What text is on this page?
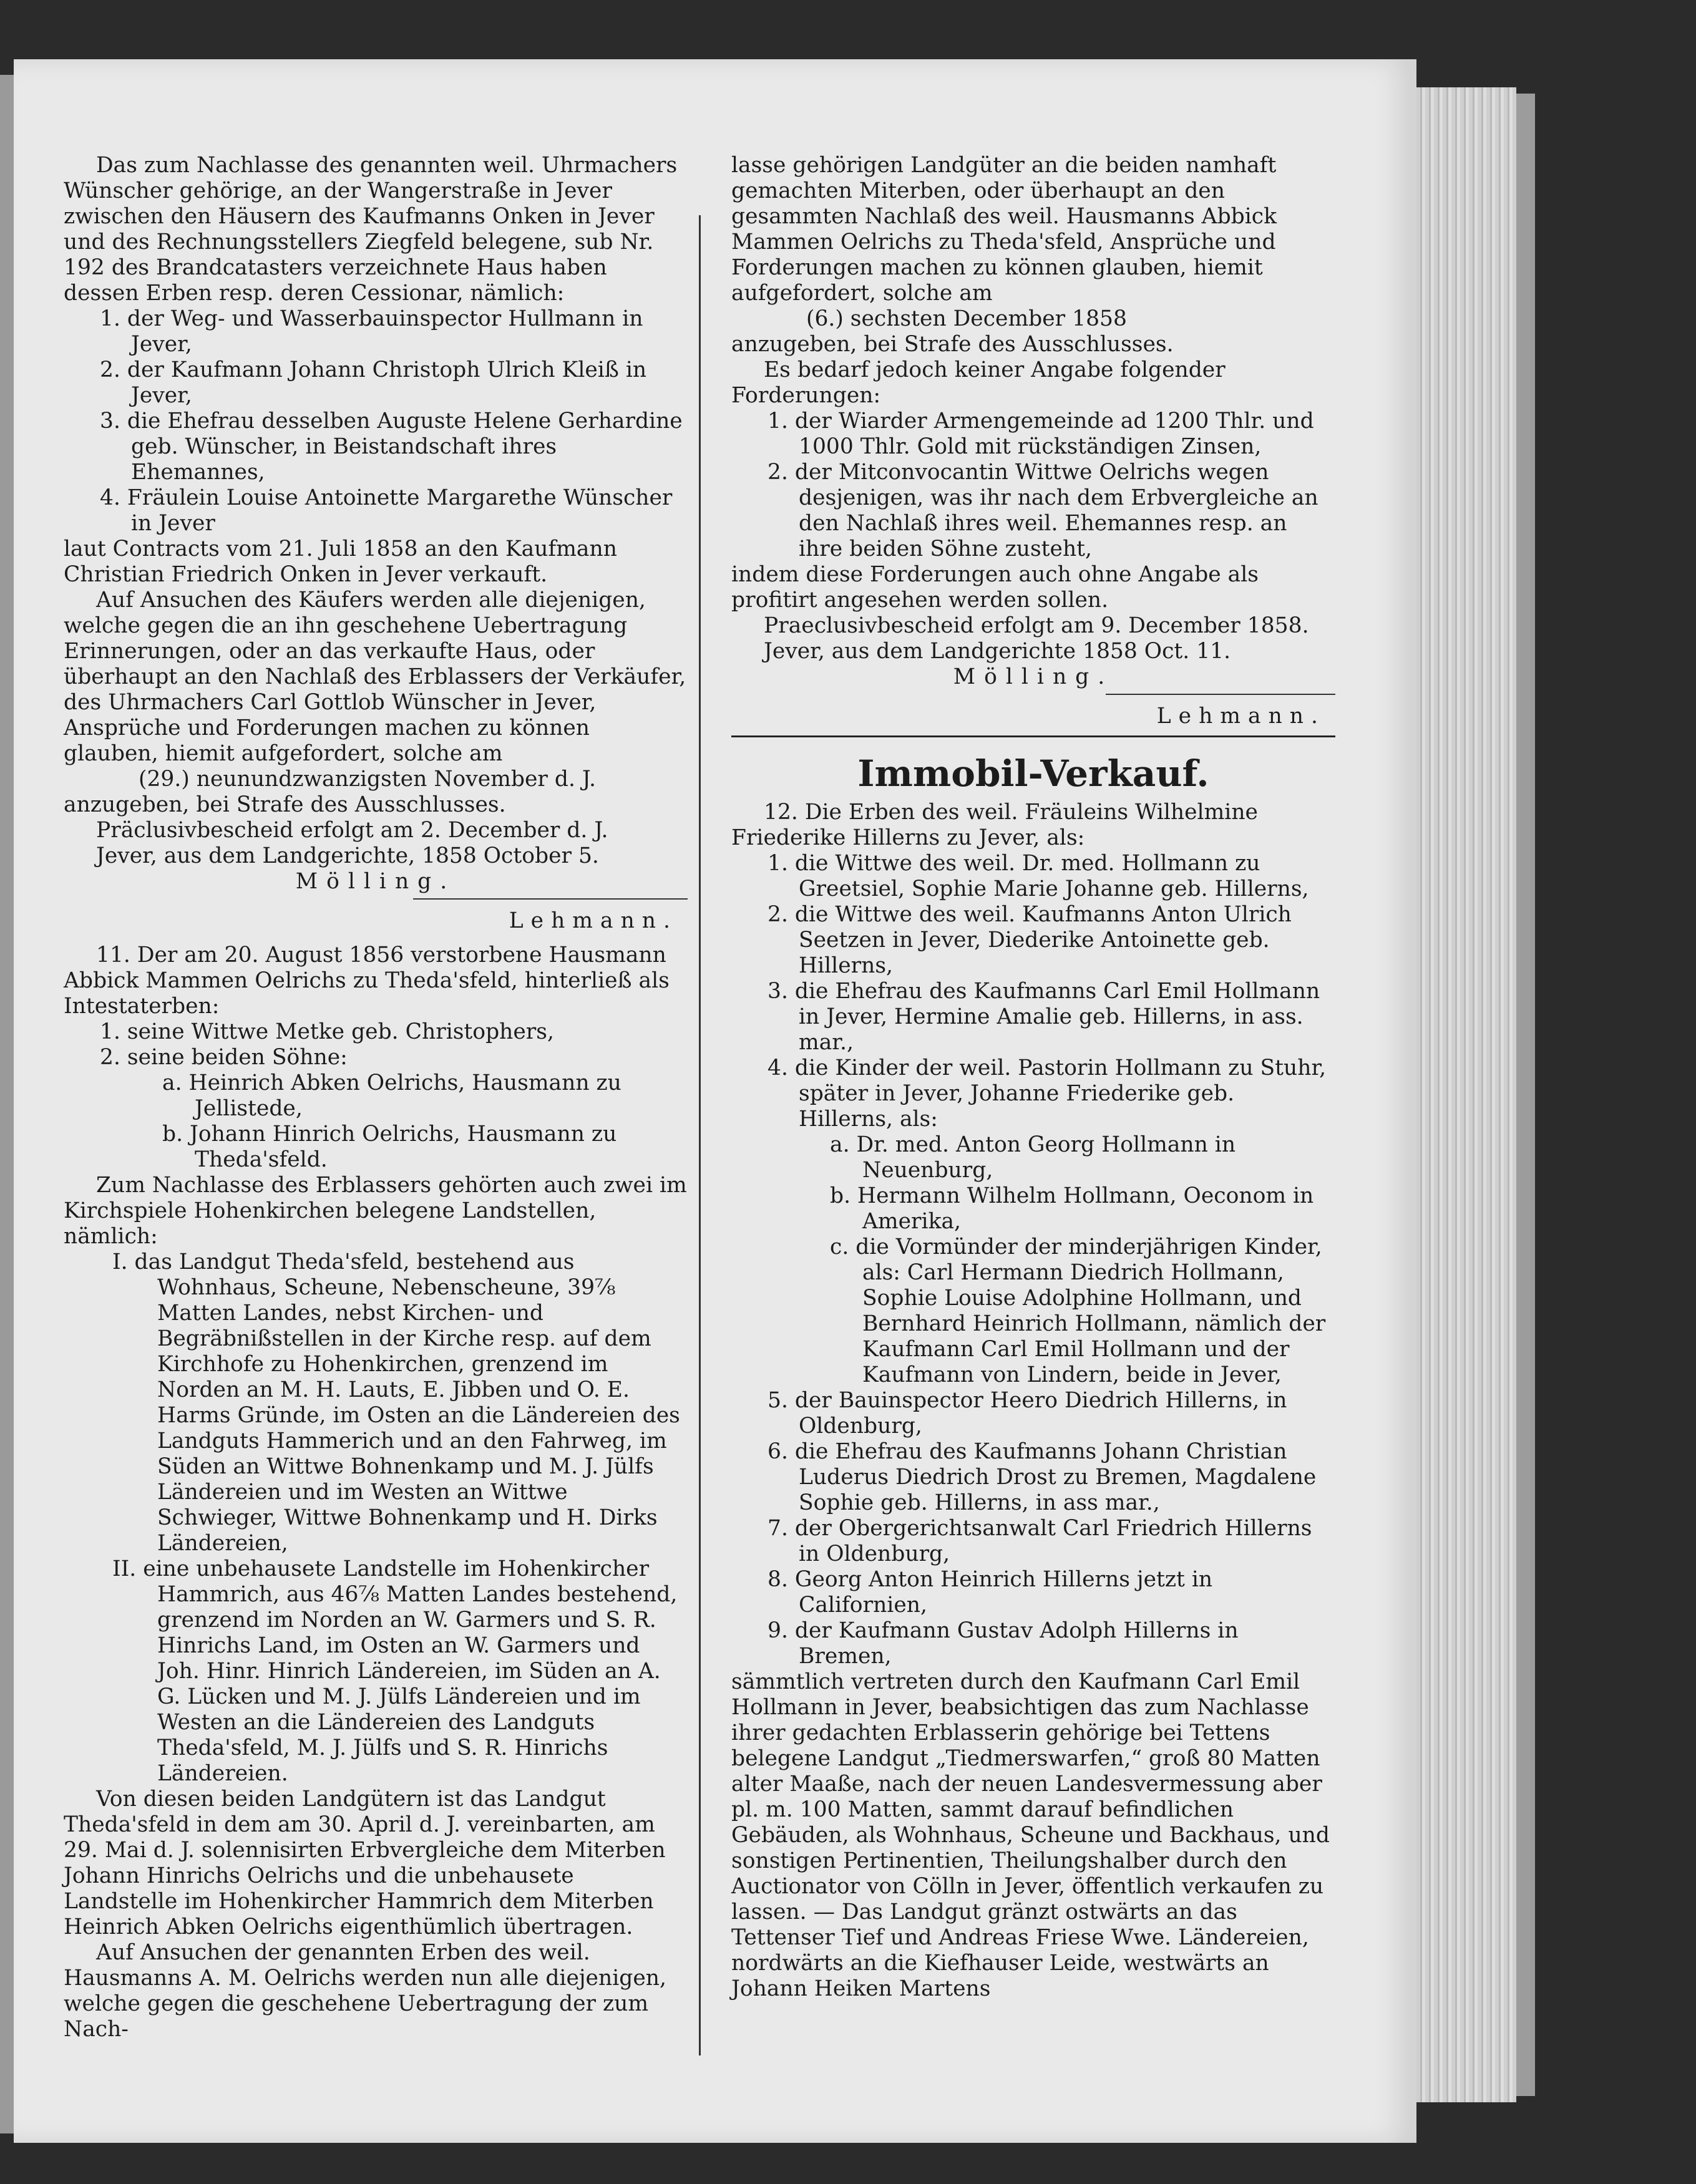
Das zum Nachlasse des genannten weil. Uhrmachers Wünscher gehörige, an der Wangerstraße in Jever zwischen den Häusern des Kaufmanns Onken in Jever und des Rechnungsstellers Ziegfeld belegene, sub Nr. 192 des Brandcatasters verzeichnete Haus haben dessen Erben resp. deren Cessionar, nämlich:

1. der Weg- und Wasserbauinspector Hullmann in Jever,

2. der Kaufmann Johann Christoph Ulrich Kleiß in Jever,

3. die Ehefrau desselben Auguste Helene Gerhardine geb. Wünscher, in Beistandschaft ihres Ehemannes,

4. Fräulein Louise Antoinette Margarethe Wünscher in Jever

laut Contracts vom 21. Juli 1858 an den Kaufmann Christian Friedrich Onken in Jever verkauft.

Auf Ansuchen des Käufers werden alle diejenigen, welche gegen die an ihn geschehene Uebertragung Erinnerungen, oder an das verkaufte Haus, oder überhaupt an den Nachlaß des Erblassers der Verkäufer, des Uhrmachers Carl Gottlob Wünscher in Jever, Ansprüche und Forderungen machen zu können glauben, hiemit aufgefordert, solche am

(29.) neunundzwanzigsten November d. J.

anzugeben, bei Strafe des Ausschlusses.

Präclusivbescheid erfolgt am 2. December d. J.

Jever, aus dem Landgerichte, 1858 October 5.

Mölling.

Lehmann.

11. Der am 20. August 1856 verstorbene Hausmann Abbick Mammen Oelrichs zu Theda'sfeld, hinterließ als Intestaterben:

1. seine Wittwe Metke geb. Christophers,

2. seine beiden Söhne:

a. Heinrich Abken Oelrichs, Hausmann zu Jellistede,

b. Johann Hinrich Oelrichs, Hausmann zu Theda'sfeld.

Zum Nachlasse des Erblassers gehörten auch zwei im Kirchspiele Hohenkirchen belegene Landstellen, nämlich:

I. das Landgut Theda'sfeld, bestehend aus Wohnhaus, Scheune, Nebenscheune, 39⅞ Matten Landes, nebst Kirchen- und Begräbnißstellen in der Kirche resp. auf dem Kirchhofe zu Hohenkirchen, grenzend im Norden an M. H. Lauts, E. Jibben und O. E. Harms Gründe, im Osten an die Ländereien des Landguts Hammerich und an den Fahrweg, im Süden an Wittwe Bohnenkamp und M. J. Jülfs Ländereien und im Westen an Wittwe Schwieger, Wittwe Bohnenkamp und H. Dirks Ländereien,

II. eine unbehausete Landstelle im Hohenkircher Hammrich, aus 46⅞ Matten Landes bestehend, grenzend im Norden an W. Garmers und S. R. Hinrichs Land, im Osten an W. Garmers und Joh. Hinr. Hinrich Ländereien, im Süden an A. G. Lücken und M. J. Jülfs Ländereien und im Westen an die Ländereien des Landguts Theda'sfeld, M. J. Jülfs und S. R. Hinrichs Ländereien.

Von diesen beiden Landgütern ist das Landgut Theda'sfeld in dem am 30. April d. J. vereinbarten, am 29. Mai d. J. solennisirten Erbvergleiche dem Miterben Johann Hinrichs Oelrichs und die unbehausete Landstelle im Hohenkircher Hammrich dem Miterben Heinrich Abken Oelrichs eigenthümlich übertragen.

Auf Ansuchen der genannten Erben des weil. Hausmanns A. M. Oelrichs werden nun alle diejenigen, welche gegen die geschehene Uebertragung der zum Nach-

lasse gehörigen Landgüter an die beiden namhaft gemachten Miterben, oder überhaupt an den gesammten Nachlaß des weil. Hausmanns Abbick Mammen Oelrichs zu Theda'sfeld, Ansprüche und Forderungen machen zu können glauben, hiemit aufgefordert, solche am

(6.) sechsten December 1858

anzugeben, bei Strafe des Ausschlusses.

Es bedarf jedoch keiner Angabe folgender Forderungen:

1. der Wiarder Armengemeinde ad 1200 Thlr. und 1000 Thlr. Gold mit rückständigen Zinsen,

2. der Mitconvocantin Wittwe Oelrichs wegen desjenigen, was ihr nach dem Erbvergleiche an den Nachlaß ihres weil. Ehemannes resp. an ihre beiden Söhne zusteht,

indem diese Forderungen auch ohne Angabe als profitirt angesehen werden sollen.

Praeclusivbescheid erfolgt am 9. December 1858.

Jever, aus dem Landgerichte 1858 Oct. 11.

Mölling.

Lehmann.

Immobil-Verkauf.

12. Die Erben des weil. Fräuleins Wilhelmine Friederike Hillerns zu Jever, als:

1. die Wittwe des weil. Dr. med. Hollmann zu Greetsiel, Sophie Marie Johanne geb. Hillerns,

2. die Wittwe des weil. Kaufmanns Anton Ulrich Seetzen in Jever, Diederike Antoinette geb. Hillerns,

3. die Ehefrau des Kaufmanns Carl Emil Hollmann in Jever, Hermine Amalie geb. Hillerns, in ass. mar.,

4. die Kinder der weil. Pastorin Hollmann zu Stuhr, später in Jever, Johanne Friederike geb. Hillerns, als:

a. Dr. med. Anton Georg Hollmann in Neuenburg,

b. Hermann Wilhelm Hollmann, Oeconom in Amerika,

c. die Vormünder der minderjährigen Kinder, als: Carl Hermann Diedrich Hollmann, Sophie Louise Adolphine Hollmann, und Bernhard Heinrich Hollmann, nämlich der Kaufmann Carl Emil Hollmann und der Kaufmann von Lindern, beide in Jever,

5. der Bauinspector Heero Diedrich Hillerns, in Oldenburg,

6. die Ehefrau des Kaufmanns Johann Christian Luderus Diedrich Drost zu Bremen, Magdalene Sophie geb. Hillerns, in ass mar.,

7. der Obergerichtsanwalt Carl Friedrich Hillerns in Oldenburg,

8. Georg Anton Heinrich Hillerns jetzt in Californien,

9. der Kaufmann Gustav Adolph Hillerns in Bremen,

sämmtlich vertreten durch den Kaufmann Carl Emil Hollmann in Jever, beabsichtigen das zum Nachlasse ihrer gedachten Erblasserin gehörige bei Tettens belegene Landgut „Tiedmerswarfen,“ groß 80 Matten alter Maaße, nach der neuen Landesvermessung aber pl. m. 100 Matten, sammt darauf befindlichen Gebäuden, als Wohnhaus, Scheune und Backhaus, und sonstigen Pertinentien, Theilungshalber durch den Auctionator von Cölln in Jever, öffentlich verkaufen zu lassen. — Das Landgut gränzt ostwärts an das Tettenser Tief und Andreas Friese Wwe. Ländereien, nordwärts an die Kiefhauser Leide, westwärts an Johann Heiken Martens
